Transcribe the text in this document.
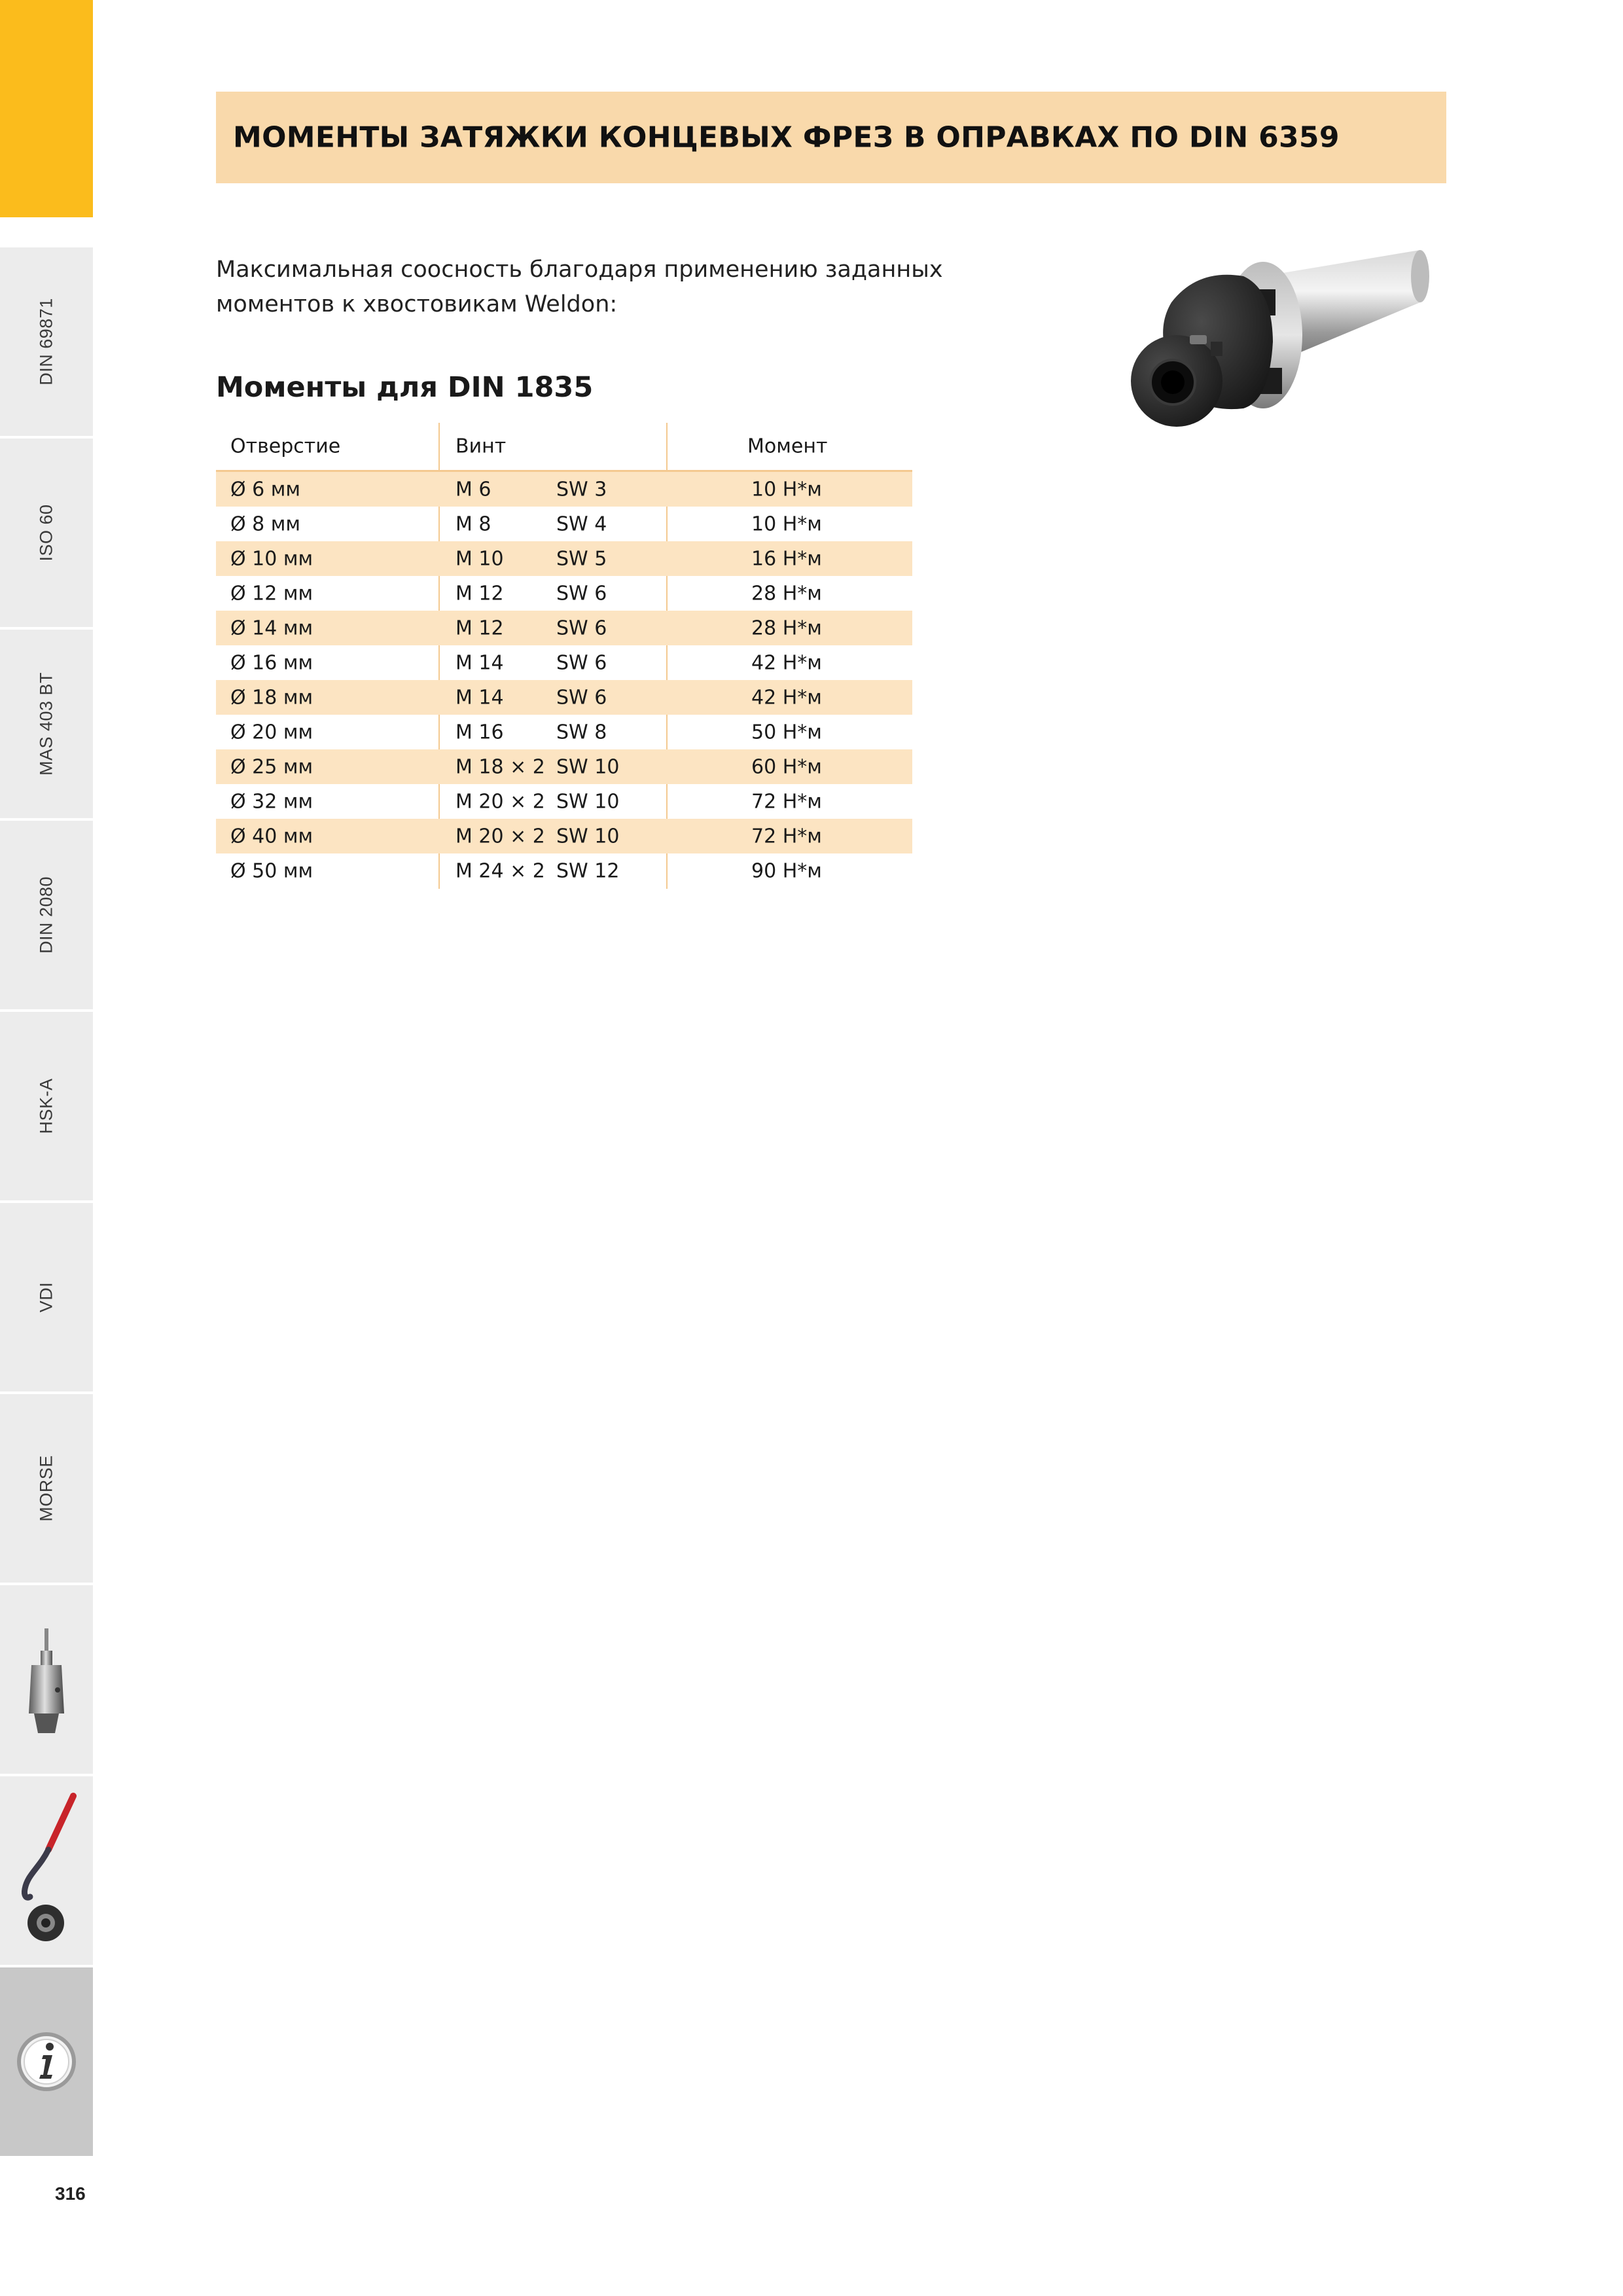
DIN 69871
ISO 60
MAS 403 BT
DIN 2080
HSK-A
VDI
MORSE
316
МОМЕНТЫ ЗАТЯЖКИ КОНЦЕВЫХ ФРЕЗ В ОПРАВКАХ ПО DIN 6359
Максимальная соосность благодаря применению заданных
моментов к хвостовикам Weldon:
Моменты для DIN 1835
Отверстие	Винт	Момент
Ø 6 мм	M 6	SW 3	10 Н*м
Ø 8 мм	M 8	SW 4	10 Н*м
Ø 10 мм	M 10	SW 5	16 Н*м
Ø 12 мм	M 12	SW 6	28 Н*м
Ø 14 мм	M 12	SW 6	28 Н*м
Ø 16 мм	M 14	SW 6	42 Н*м
Ø 18 мм	M 14	SW 6	42 Н*м
Ø 20 мм	M 16	SW 8	50 Н*м
Ø 25 мм	M 18 × 2 SW 10	60 Н*м
Ø 32 мм	M 20 × 2 SW 10	72 Н*м
Ø 40 мм	M 20 × 2 SW 10	72 Н*м
Ø 50 мм	M 24 × 2 SW 12	90 Н*м
